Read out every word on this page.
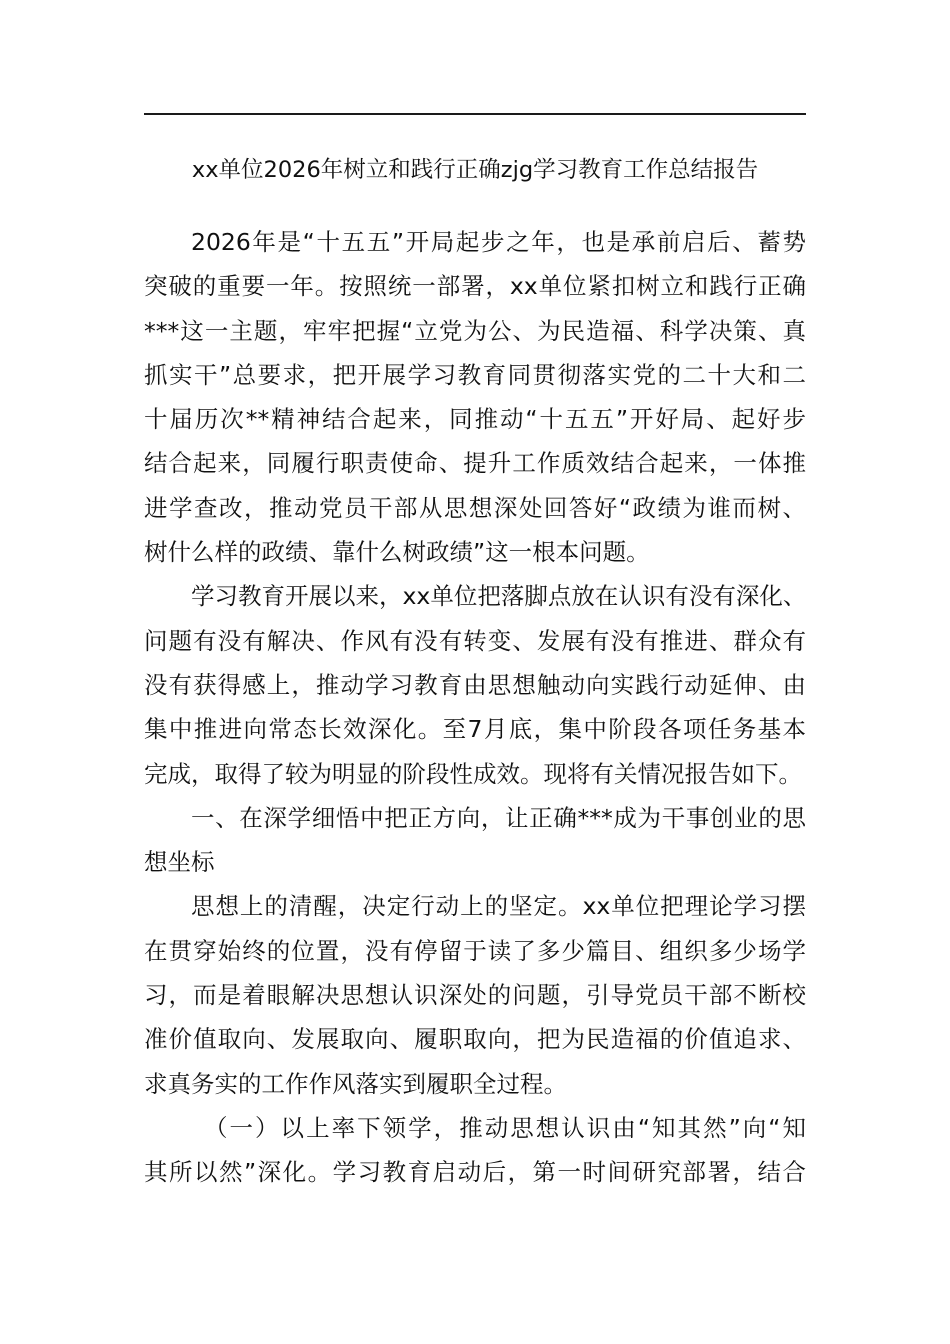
xx单位2026年树立和践行正确zjg学习教育工作总结报告
2026年是“十五五”开局起步之年，也是承前启后、蓄势
突破的重要一年。按照统一部署，xx单位紧扣树立和践行正确
***这一主题，牢牢把握“立党为公、为民造福、科学决策、真
抓实干”总要求，把开展学习教育同贯彻落实党的二十大和二
十届历次**精神结合起来，同推动“十五五”开好局、起好步
结合起来，同履行职责使命、提升工作质效结合起来，一体推
进学查改，推动党员干部从思想深处回答好“政绩为谁而树、
树什么样的政绩、靠什么树政绩”这一根本问题。
学习教育开展以来，xx单位把落脚点放在认识有没有深化、
问题有没有解决、作风有没有转变、发展有没有推进、群众有
没有获得感上，推动学习教育由思想触动向实践行动延伸、由
集中推进向常态长效深化。至7月底，集中阶段各项任务基本
完成，取得了较为明显的阶段性成效。现将有关情况报告如下。
一、在深学细悟中把正方向，让正确***成为干事创业的思
想坐标
思想上的清醒，决定行动上的坚定。xx单位把理论学习摆
在贯穿始终的位置，没有停留于读了多少篇目、组织多少场学
习，而是着眼解决思想认识深处的问题，引导党员干部不断校
准价值取向、发展取向、履职取向，把为民造福的价值追求、
求真务实的工作作风落实到履职全过程。
（一）以上率下领学，推动思想认识由“知其然”向“知
其所以然”深化。学习教育启动后，第一时间研究部署，结合
